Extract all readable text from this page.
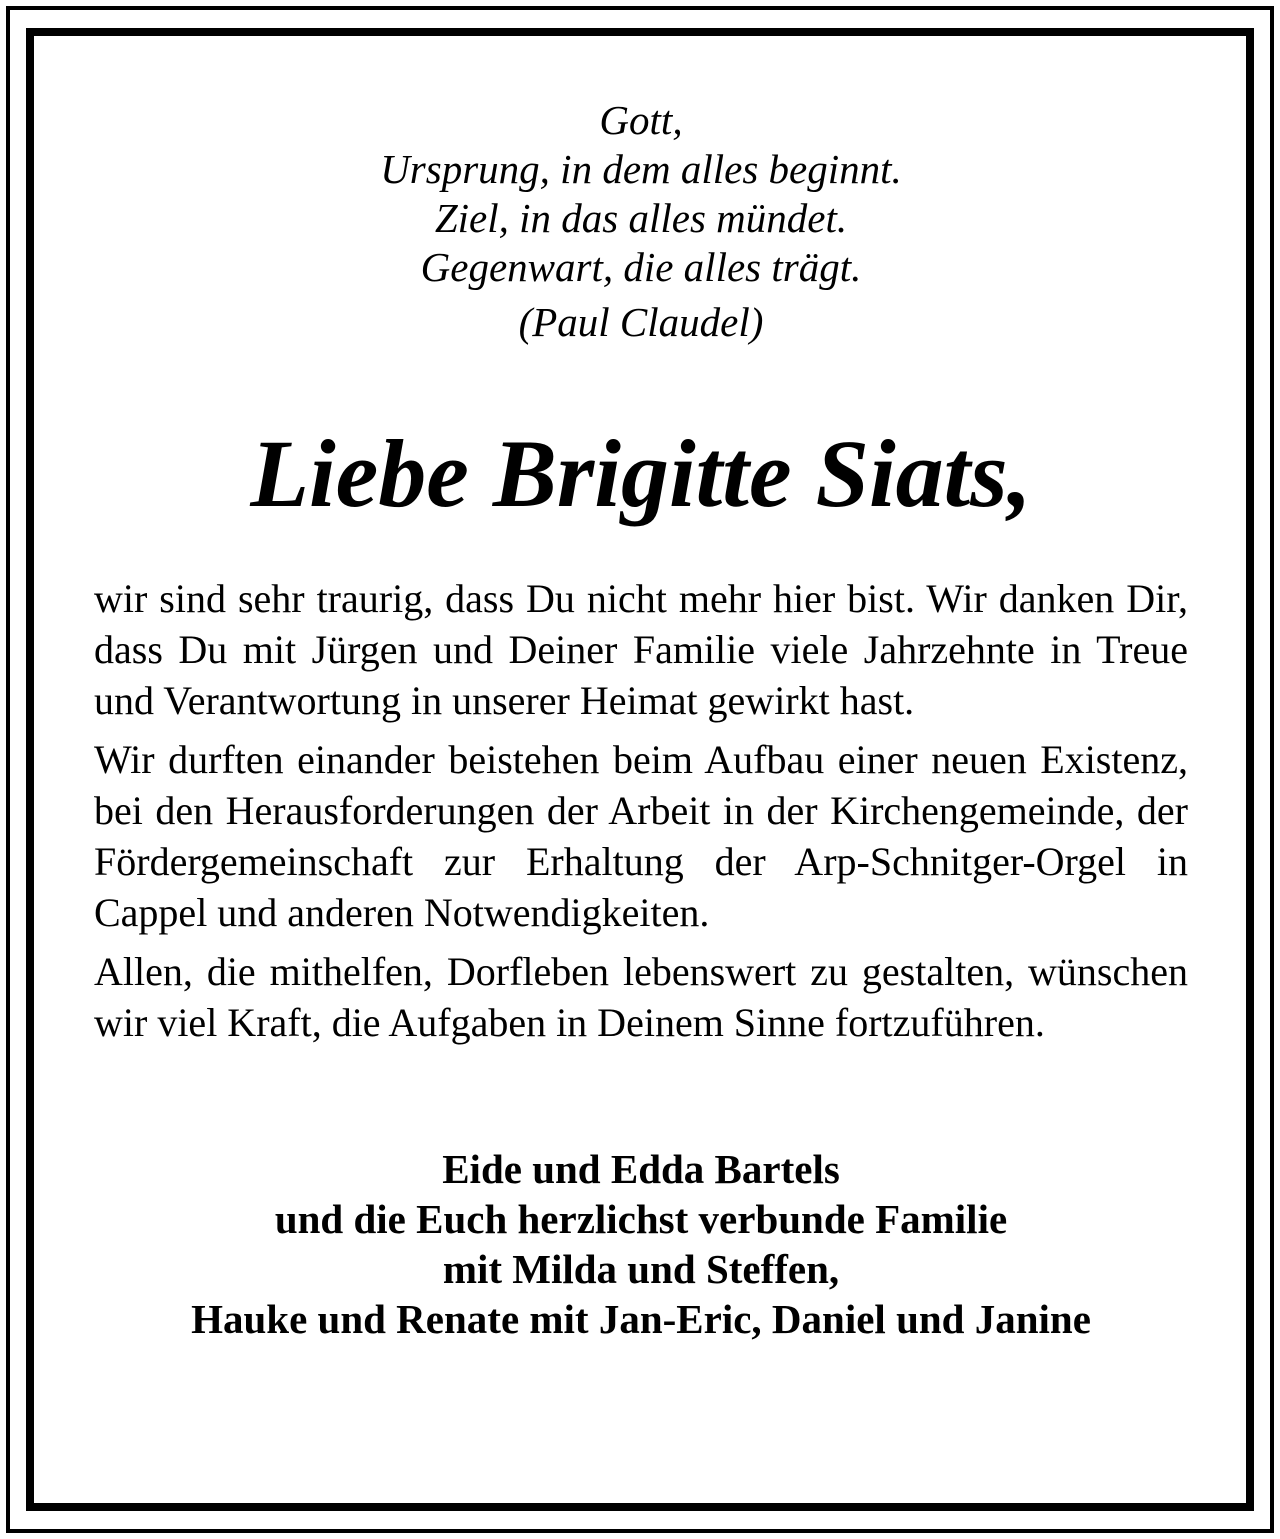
Gott,
Ursprung, in dem alles beginnt.
Ziel, in das alles mündet.
Gegenwart, die alles trägt.
(Paul Claudel)
Liebe Brigitte Siats,

wir sind sehr traurig, dass Du nicht mehr hier bist. Wir danken Dir, dass Du mit Jürgen und Deiner Familie viele Jahrzehnte in Treue und Verantwortung in unserer Heimat gewirkt hast.

Wir durften einander beistehen beim Aufbau einer neuen Existenz, bei den Herausforderungen der Arbeit in der Kirchengemeinde, der Fördergemeinschaft zur Erhaltung der Arp-Schnitger-Orgel in Cappel und anderen Notwendigkeiten.

Allen, die mithelfen, Dorfleben lebenswert zu gestalten, wünschen wir viel Kraft, die Aufgaben in Deinem Sinne fortzuführen.

Eide und Edda Bartels
und die Euch herzlichst verbunde Familie
mit Milda und Steffen,
Hauke und Renate mit Jan-Eric, Daniel und Janine
